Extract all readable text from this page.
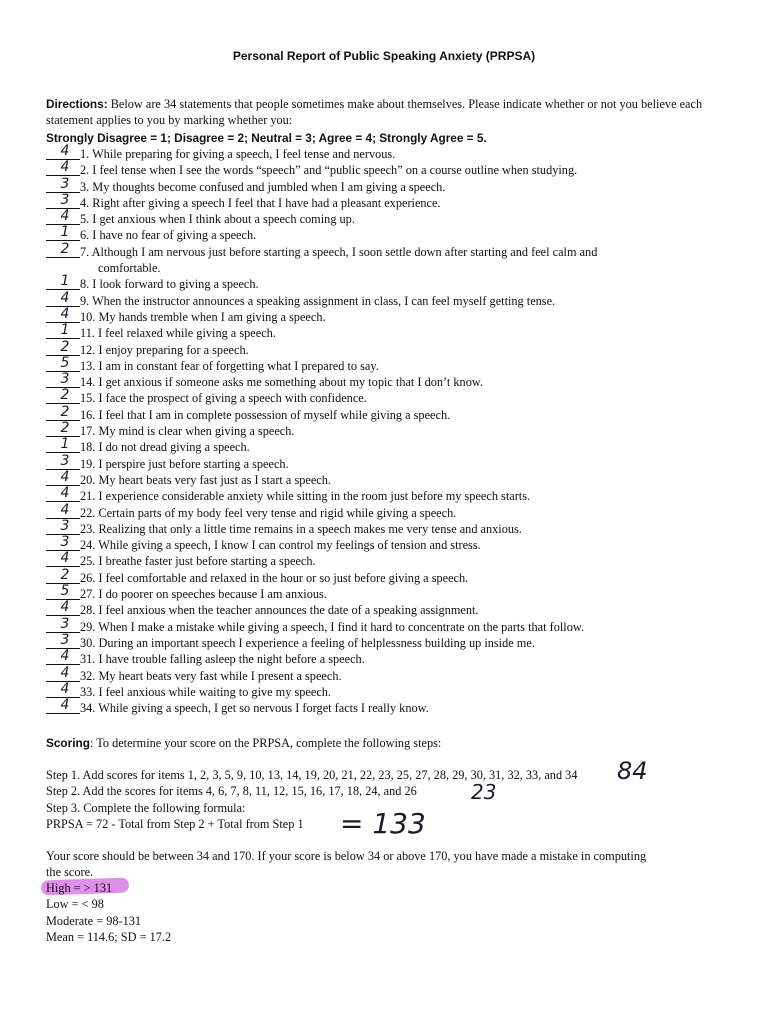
Personal Report of Public Speaking Anxiety (PRPSA)
Directions: Below are 34 statements that people sometimes make about themselves. Please indicate whether or not you believe each statement applies to you by marking whether you:
Strongly Disagree = 1; Disagree = 2; Neutral = 3; Agree = 4; Strongly Agree = 5.
4 1. While preparing for giving a speech, I feel tense and nervous.
4 2. I feel tense when I see the words “speech” and “public speech” on a course outline when studying.
3 3. My thoughts become confused and jumbled when I am giving a speech.
3 4. Right after giving a speech I feel that I have had a pleasant experience.
4 5. I get anxious when I think about a speech coming up.
1 6. I have no fear of giving a speech.
2 7. Although I am nervous just before starting a speech, I soon settle down after starting and feel calm and
comfortable.
1 8. I look forward to giving a speech.
4 9. When the instructor announces a speaking assignment in class, I can feel myself getting tense.
4 10. My hands tremble when I am giving a speech.
1 11. I feel relaxed while giving a speech.
2 12. I enjoy preparing for a speech.
5 13. I am in constant fear of forgetting what I prepared to say.
3 14. I get anxious if someone asks me something about my topic that I don’t know.
2 15. I face the prospect of giving a speech with confidence.
2 16. I feel that I am in complete possession of myself while giving a speech.
2 17. My mind is clear when giving a speech.
1 18. I do not dread giving a speech.
3 19. I perspire just before starting a speech.
4 20. My heart beats very fast just as I start a speech.
4 21. I experience considerable anxiety while sitting in the room just before my speech starts.
4 22. Certain parts of my body feel very tense and rigid while giving a speech.
3 23. Realizing that only a little time remains in a speech makes me very tense and anxious.
3 24. While giving a speech, I know I can control my feelings of tension and stress.
4 25. I breathe faster just before starting a speech.
2 26. I feel comfortable and relaxed in the hour or so just before giving a speech.
5 27. I do poorer on speeches because I am anxious.
4 28. I feel anxious when the teacher announces the date of a speaking assignment.
3 29. When I make a mistake while giving a speech, I find it hard to concentrate on the parts that follow.
3 30. During an important speech I experience a feeling of helplessness building up inside me.
4 31. I have trouble falling asleep the night before a speech.
4 32. My heart beats very fast while I present a speech.
4 33. I feel anxious while waiting to give my speech.
4 34. While giving a speech, I get so nervous I forget facts I really know.
Scoring: To determine your score on the PRPSA, complete the following steps:
Step 1. Add scores for items 1, 2, 3, 5, 9, 10, 13, 14, 19, 20, 21, 22, 23, 25, 27, 28, 29, 30, 31, 32, 33, and 34
Step 2. Add the scores for items 4, 6, 7, 8, 11, 12, 15, 16, 17, 18, 24, and 26
Step 3. Complete the following formula:
PRPSA = 72 - Total from Step 2 + Total from Step 1
84
23
= 133
Your score should be between 34 and 170. If your score is below 34 or above 170, you have made a mistake in computing
the score.
High = > 131
Low = < 98
Moderate = 98-131
Mean = 114.6; SD = 17.2
